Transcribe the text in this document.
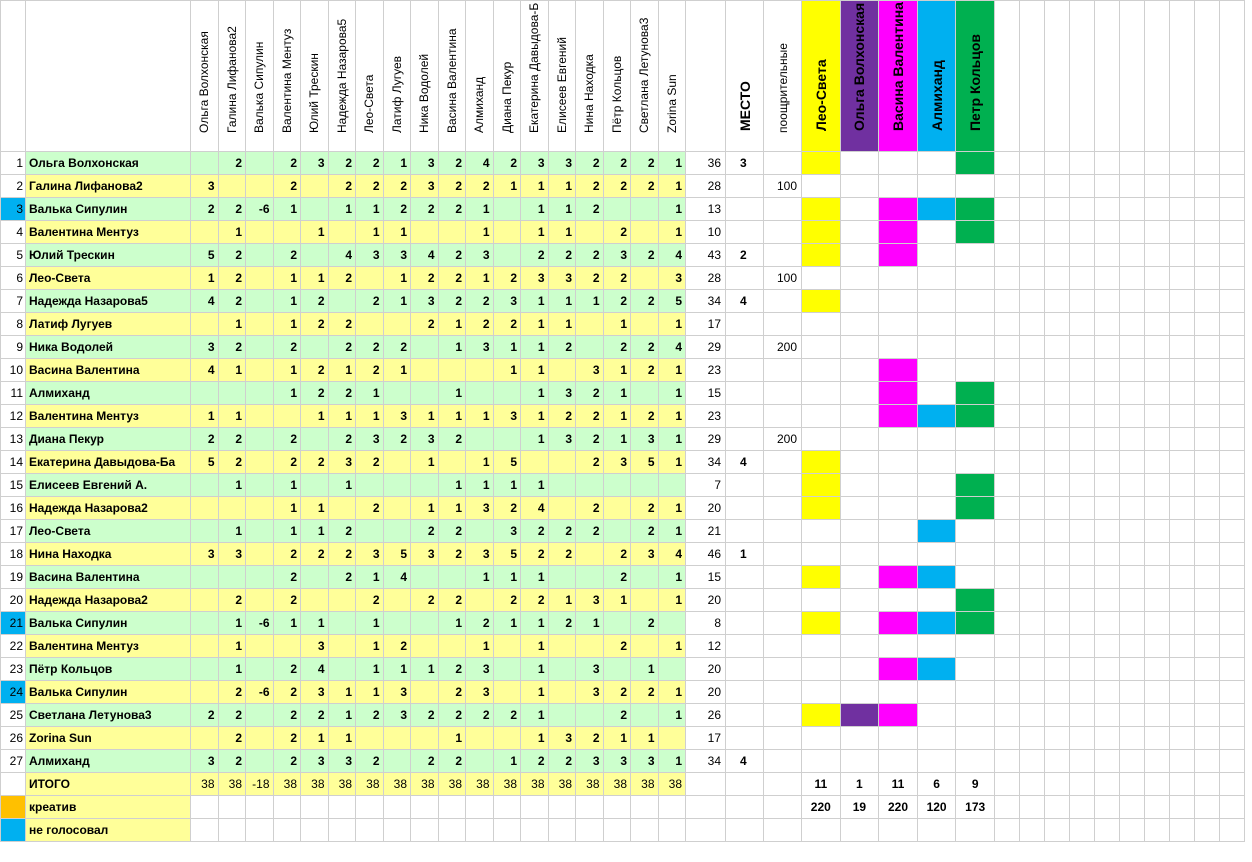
		Ольга Волхонская	Галина Лифанова2	Валька Сипулин	Валентина Ментуз	Юлий Трескин	Надежда Назарова5	Лео-Света	Латиф Лугуев	Ника Водолей	Васина Валентина	Алмиханд	Диана Пекур	Екатерина Давыдова-Б	Елисеев Евгений	Нина Находка	Пётр Кольцов	Светлана Летунова3	Zorina Sun		МЕСТО	поощрительные	Лео-Света	Ольга Волхонская	Васина Валентина	Алмиханд	Петр Кольцов										

1	Ольга Волхонская		2		2	3	2	2	1	3	2	4	2	3	3	2	2	2	1	36	3																
2	Галина Лифанова2	3			2		2	2	2	3	2	2	1	1	1	2	2	2	1	28		100															
3	Валька Сипулин	2	2	-6	1		1	1	2	2	2	1		1	1	2			1	13																	
4	Валентина Ментуз		1			1		1	1			1		1	1		2		1	10																	
5	Юлий Трескин	5	2		2		4	3	3	4	2	3		2	2	2	3	2	4	43	2																
6	Лео-Света	1	2		1	1	2		1	2	2	1	2	3	3	2	2		3	28		100															
7	Надежда Назарова5	4	2		1	2		2	1	3	2	2	3	1	1	1	2	2	5	34	4																
8	Латиф Лугуев		1		1	2	2			2	1	2	2	1	1		1		1	17																	
9	Ника Водолей	3	2		2		2	2	2		1	3	1	1	2		2	2	4	29		200															
10	Васина Валентина	4	1		1	2	1	2	1				1	1		3	1	2	1	23																	
11	Алмиханд				1	2	2	1			1			1	3	2	1		1	15																	
12	Валентина Ментуз	1	1			1	1	1	3	1	1	1	3	1	2	2	1	2	1	23																	
13	Диана Пекур	2	2		2		2	3	2	3	2			1	3	2	1	3	1	29		200															
14	Екатерина Давыдова-Ба	5	2		2	2	3	2		1		1	5			2	3	5	1	34	4																
15	Елисеев Евгений А.		1		1		1				1	1	1	1						7																	
16	Надежда Назарова2				1	1		2		1	1	3	2	4		2		2	1	20																	
17	Лео-Света		1		1	1	2			2	2		3	2	2	2		2	1	21																	
18	Нина Находка	3	3		2	2	2	3	5	3	2	3	5	2	2		2	3	4	46	1																
19	Васина Валентина				2		2	1	4			1	1	1			2		1	15																	
20	Надежда Назарова2		2		2			2		2	2		2	2	1	3	1		1	20																	
21	Валька Сипулин		1	-6	1	1		1			1	2	1	1	2	1		2		8																	
22	Валентина Ментуз		1			3		1	2			1		1			2		1	12																	
23	Пётр Кольцов		1		2	4		1	1	1	2	3		1		3		1		20																	
24	Валька Сипулин		2	-6	2	3	1	1	3		2	3		1		3	2	2	1	20																	
25	Светлана Летунова3	2	2		2	2	1	2	3	2	2	2	2	1			2		1	26																	
26	Zorina Sun		2		2	1	1				1			1	3	2	1	1		17																	
27	Алмиханд	3	2		2	3	3	2		2	2		1	2	2	3	3	3	1	34	4																
	ИТОГО	38	38	-18	38	38	38	38	38	38	38	38	38	38	38	38	38	38	38				11	1	11	6	9										
	креатив																						220	19	220	120	173										
	не голосовал																																				
